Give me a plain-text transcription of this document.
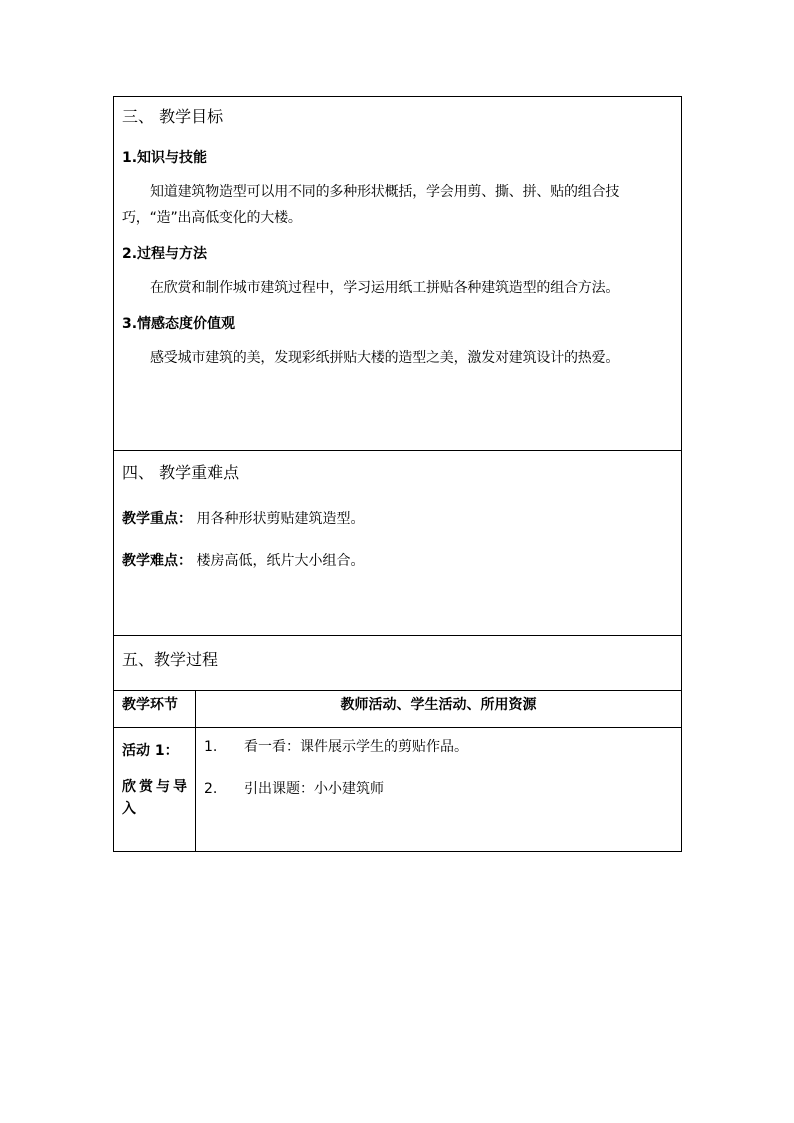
三、 教学目标
1.知识与技能
知道建筑物造型可以用不同的多种形状概括，学会用剪、撕、拼、贴的组合技巧，“造”出高低变化的大楼。
2.过程与方法
在欣赏和制作城市建筑过程中，学习运用纸工拼贴各种建筑造型的组合方法。
3.情感态度价值观
感受城市建筑的美，发现彩纸拼贴大楼的造型之美，激发对建筑设计的热爱。
四、 教学重难点
教学重点： 用各种形状剪贴建筑造型。
教学难点： 楼房高低，纸片大小组合。
五、教学过程
教学环节	教师活动、学生活动、所用资源
活动 1：
欣赏与导入
1.	看一看：课件展示学生的剪贴作品。
2.	引出课题：小小建筑师
